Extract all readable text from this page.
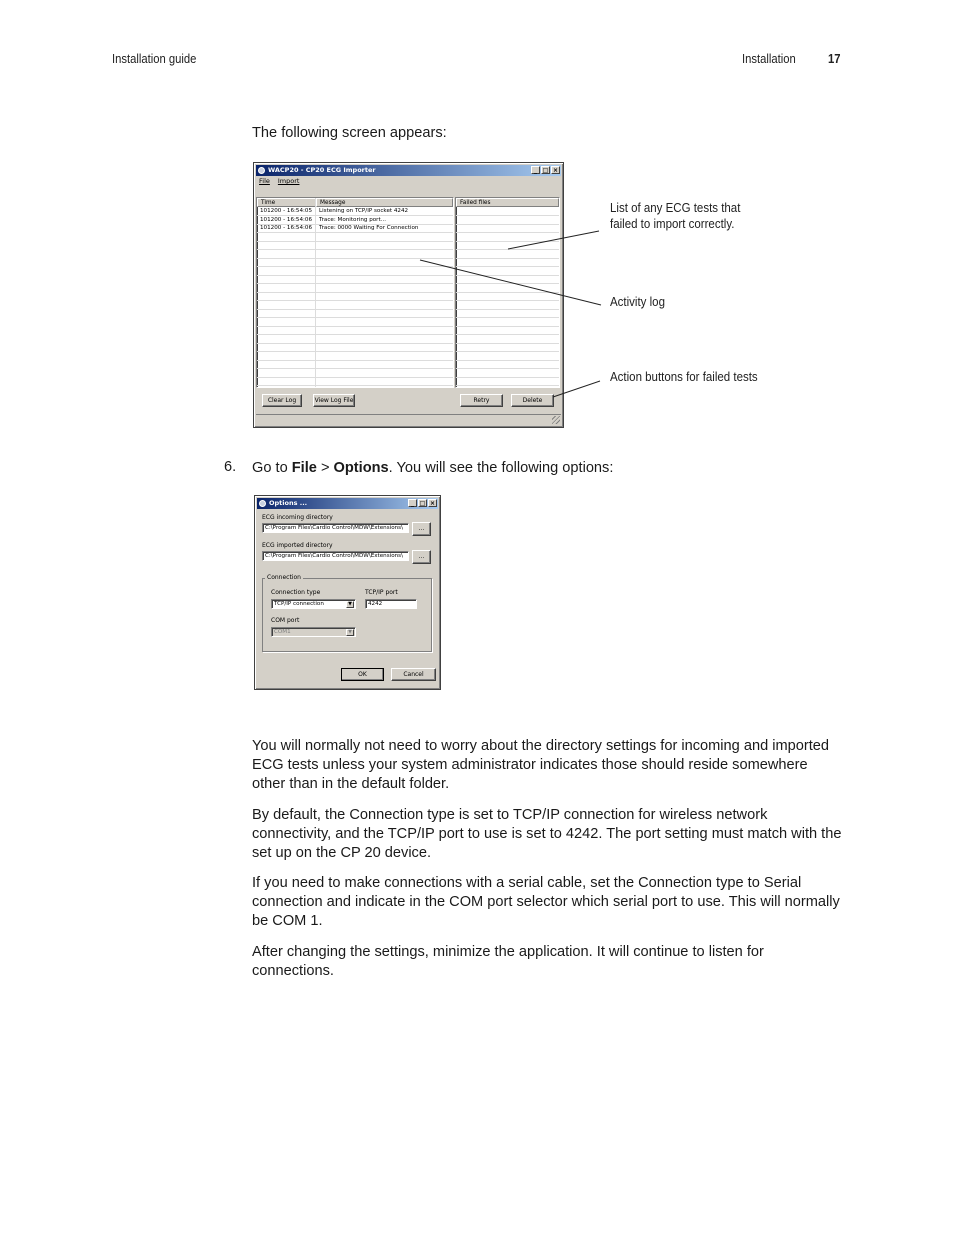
Installation guide	Installation	17

The following screen appears:

WACP20 - CP20 ECG Importer	_ □ ×
File Import
Time	Message
101200 - 16:54:05 Listening on TCP/IP socket 4242
101200 - 16:54:06 Trace: Monitoring port...
101200 - 16:54:06 Trace: 0000 Waiting For Connection
Failed files
Clear Log	View Log File	Retry	Delete
List of any ECG tests that
failed to import correctly.
Activity log
Action buttons for failed tests
6. Go to File > Options. You will see the following options:

Options ...	_ □ ×
ECG incoming directory
C:\Program Files\Cardio Control\MDW\Extensions\	...
ECG imported directory
C:\Program Files\Cardio Control\MDW\Extensions\	...
Connection
Connection type
TCP/IP connection	▼
TCP/IP port
4242
COM port
COM1	▼
OK	Cancel

You will normally not need to worry about the directory settings for incoming and imported ECG tests unless your system administrator indicates those should reside somewhere other than in the default folder.

By default, the Connection type is set to TCP/IP connection for wireless network connectivity, and the TCP/IP port to use is set to 4242. The port setting must match with the set up on the CP 20 device.

If you need to make connections with a serial cable, set the Connection type to Serial connection and indicate in the COM port selector which serial port to use. This will normally be COM 1.

After changing the settings, minimize the application. It will continue to listen for connections.
